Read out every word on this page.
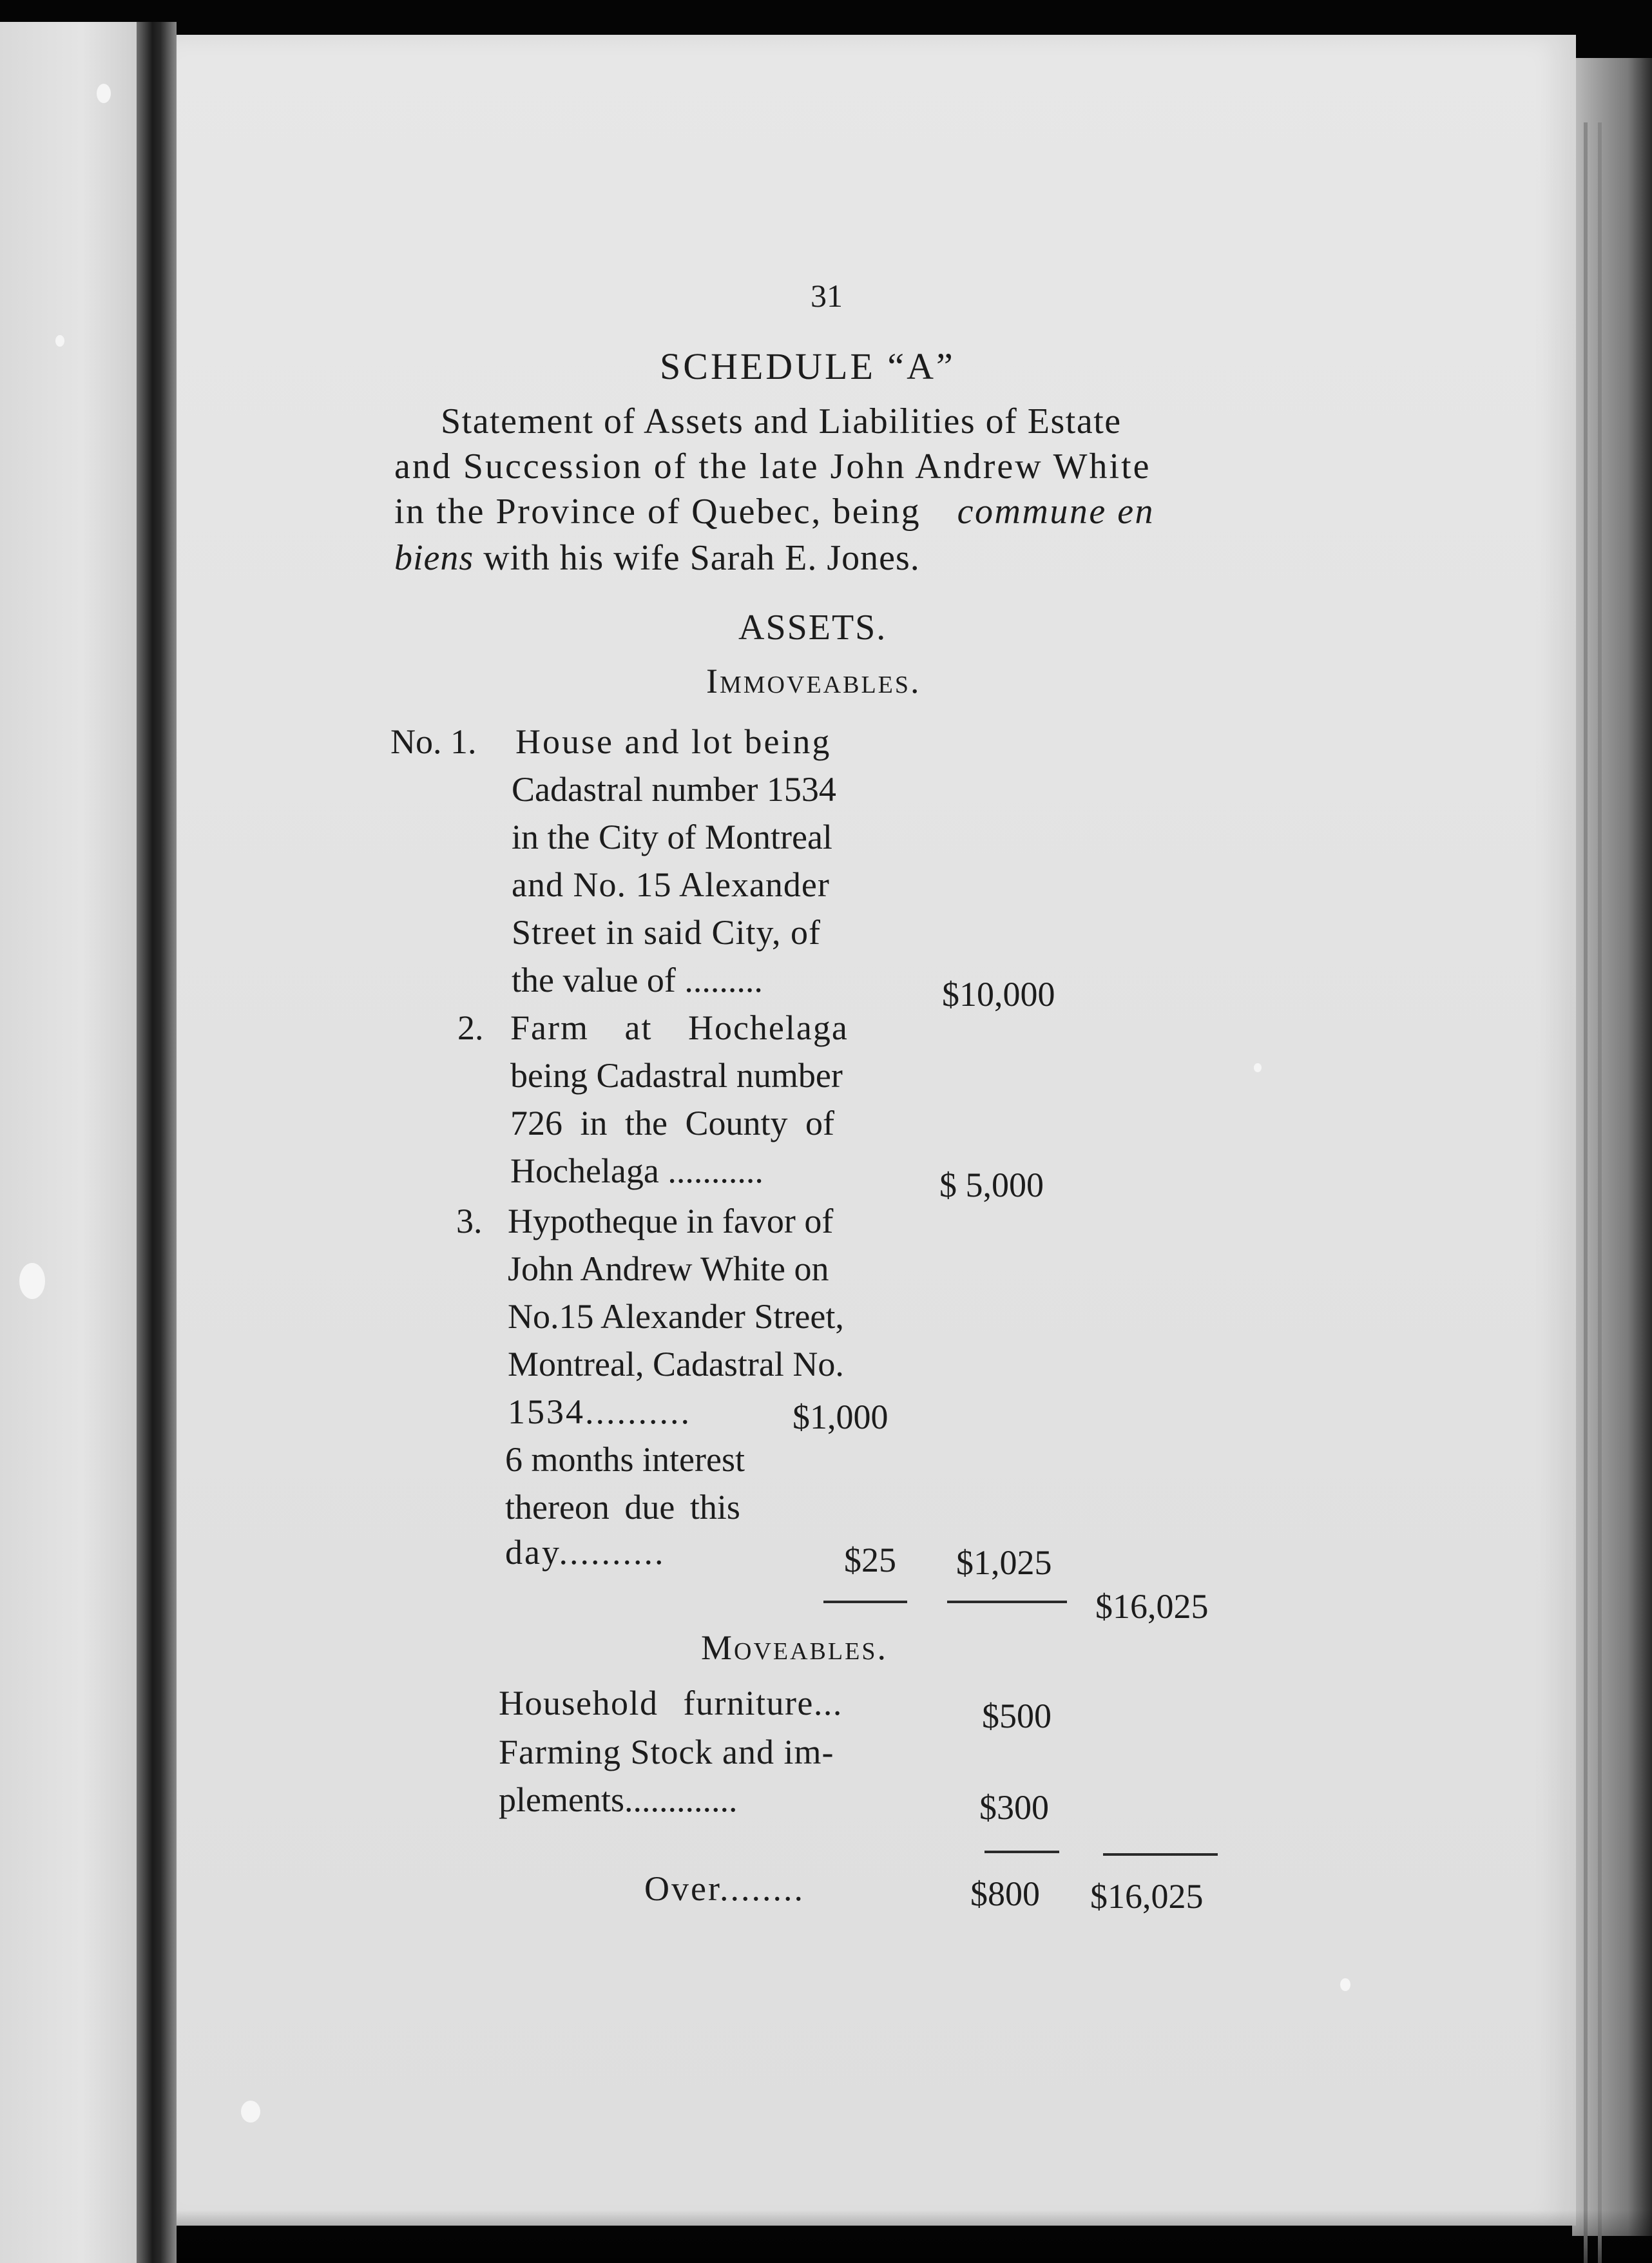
31
SCHEDULE “A”
Statement of Assets and Liabilities of Estate
and Succession of the late John Andrew White
in the Province of Quebec, being commune en
biens with his wife Sarah E. Jones.
ASSETS.
Immoveables.
No. 1. House and lot being
Cadastral number 1534
in the City of Montreal
and No. 15 Alexander
Street in said City, of
the value of .........	$10,000
2. Farm at Hochelaga
being Cadastral number
726 in the County of
Hochelaga ...........	$ 5,000
3. Hypotheque in favor of
John Andrew White on
No.15 Alexander Street,
Montreal, Cadastral No.
1534..........	$1,000
6 months interest
thereon due this
day..........	$25 $1,025
$16,025
Moveables.
Household furniture...	$500
Farming Stock and im-
plements.............	$300
Over........	$800 $16,025
